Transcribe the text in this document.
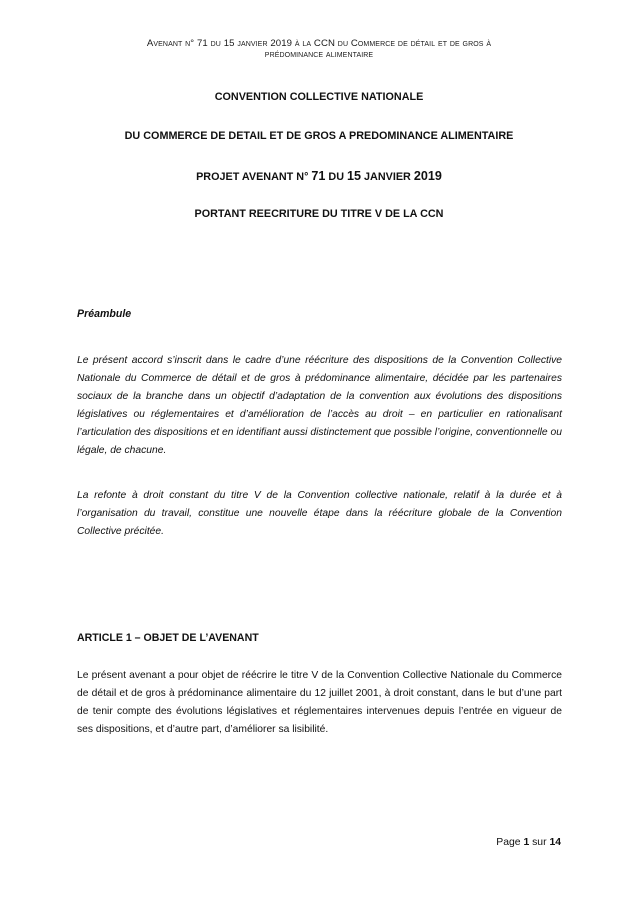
Avenant n° 71 du 15 janvier 2019 à la CCN du Commerce de détail et de gros à
prédominance alimentaire
CONVENTION COLLECTIVE NATIONALE
DU COMMERCE DE DETAIL ET DE GROS A PREDOMINANCE ALIMENTAIRE
PROJET AVENANT N° 71 DU 15 JANVIER 2019
PORTANT REECRITURE DU TITRE V DE LA CCN
Préambule
Le présent accord s’inscrit dans le cadre d’une réécriture des dispositions de la Convention Collective Nationale du Commerce de détail et de gros à prédominance alimentaire, décidée par les partenaires sociaux de la branche dans un objectif d’adaptation de la convention aux évolutions des dispositions législatives ou réglementaires et d’amélioration de l’accès au droit – en particulier en rationalisant l’articulation des dispositions et en identifiant aussi distinctement que possible l’origine, conventionnelle ou légale, de chacune.
La refonte à droit constant du titre V de la Convention collective nationale, relatif à la durée et à l’organisation du travail, constitue une nouvelle étape dans la réécriture globale de la Convention Collective précitée.
ARTICLE 1 – OBJET DE L’AVENANT
Le présent avenant a pour objet de réécrire le titre V de la Convention Collective Nationale du Commerce de détail et de gros à prédominance alimentaire du 12 juillet 2001, à droit constant, dans le but d’une part de tenir compte des évolutions législatives et réglementaires intervenues depuis l’entrée en vigueur de ses dispositions, et d’autre part, d’améliorer sa lisibilité.
Page 1 sur 14
